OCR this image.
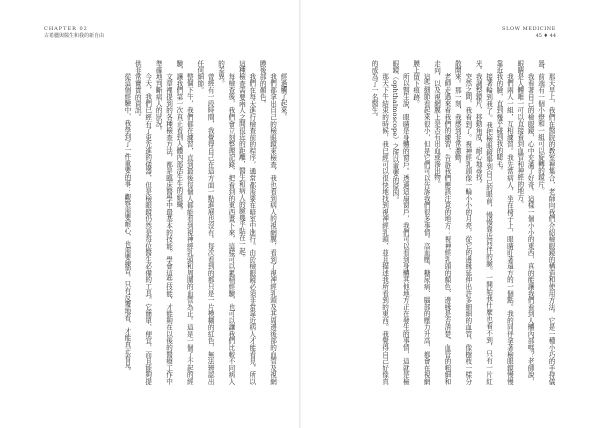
CHAPTER 02
古希臘與醫生和我的新自由
SLOW MEDICINE
45 ♦ 44

經過觸了起來。

我們都拿出自己的檢眼鏡來檢查，我也看到病人的視網膜，看到了視神經乳頭及其周邊後部的血管及視網膜後部的顏色。

我們在每天進行檢查前的程序，通常都需要在暗室中進行。由於檢眼鏡必須非常靠近病人才能看見，所以這種檢查需要兩人之間很近的距離，醫生和病人的臉幾乎貼在一起。

每檢查後，我們會立刻整理記錄，把看到的東西畫下來，這樣可以累積經驗，也可以讓我們比較不同病人的差異。

曾經有一段時間，我覺得自己在這方面一點進展也沒有。每次看到的都只是一片模糊的紅色，無法辨認出任何細節。

整個下午，我們都在練習，直到最後每個人都能看到視神經乳頭和周圍的血管為止。這是一個了不起的經驗，讓我們第一次真正看到人體內部活生生的組織。

文章裡提到的各種檢查方法，都是臨床醫學中最基本的技能。學會這些技能，才能夠在以後的醫療工作中準確地判斷病人的狀況。

今天，我們已經有了更先進的儀器，但是檢眼鏡仍然是每位醫生必備的工具。它簡單、便宜，而且能夠提供非常寶貴的資訊。

從這個經驗中，我學到了一件重要的事：觀察需要耐心，也需要練習。只有反覆地看，才能真正看見。	那天早上，我們在醫院的教室裡集合，老師向我們介紹檢眼鏡的構造和使用方法。它是一種小巧的手持儀器，前端有一個小燈和一組可以旋轉的鏡片。

我看著自己的檢眼鏡，心中充滿了好奇。這樣一個小小的東西，真的能讓我們看到人體內部嗎？老師說，眼睛是人體唯一可以直接看到血管和神經的地方。

我們兩人一組，互相練習。我先當病人，坐在椅子上，眼睛盯著遠方的一個點。我的同伴拿著檢眼鏡慢慢靠近我的臉，直到幾乎碰到我的睫毛。

接著輪到我了。我把檢眼鏡舉到自己的眼前，慢慢靠近同伴的臉。一開始我什麼也看不到，只有一片紅光。我調整鏡片，移動角度，耐心地尋找。

突然之間，我看到了。視神經乳頭像一輪小小的月亮，從它的邊緣延伸出許多細細的血管，像樹枝一樣分散開來。那一刻，我感到非常激動。

老師走過來看我們的練習，告訴我們應該注意的地方：視神經乳頭的顏色、邊緣是否清楚、血管的粗細和走向，以及視網膜上是否有出血或滲出物。

這些細節看起來很小，但是它們可以告訴我們很多事情。高血壓、糖尿病、腦部的壓力升高，都會在視網膜上留下痕跡。

所以醫生說，眼睛是身體的窗戶。透過這扇窗戶，我們可以看到身體其他地方正在發生的事情，這就是檢眼鏡（ophthalmoscope）之所以重要的原因。

那天下午結束的時候，我已經可以很快地找到視神經乳頭，並且描述我所看到的東西。我覺得自己好像真的成為了一名醫生。
